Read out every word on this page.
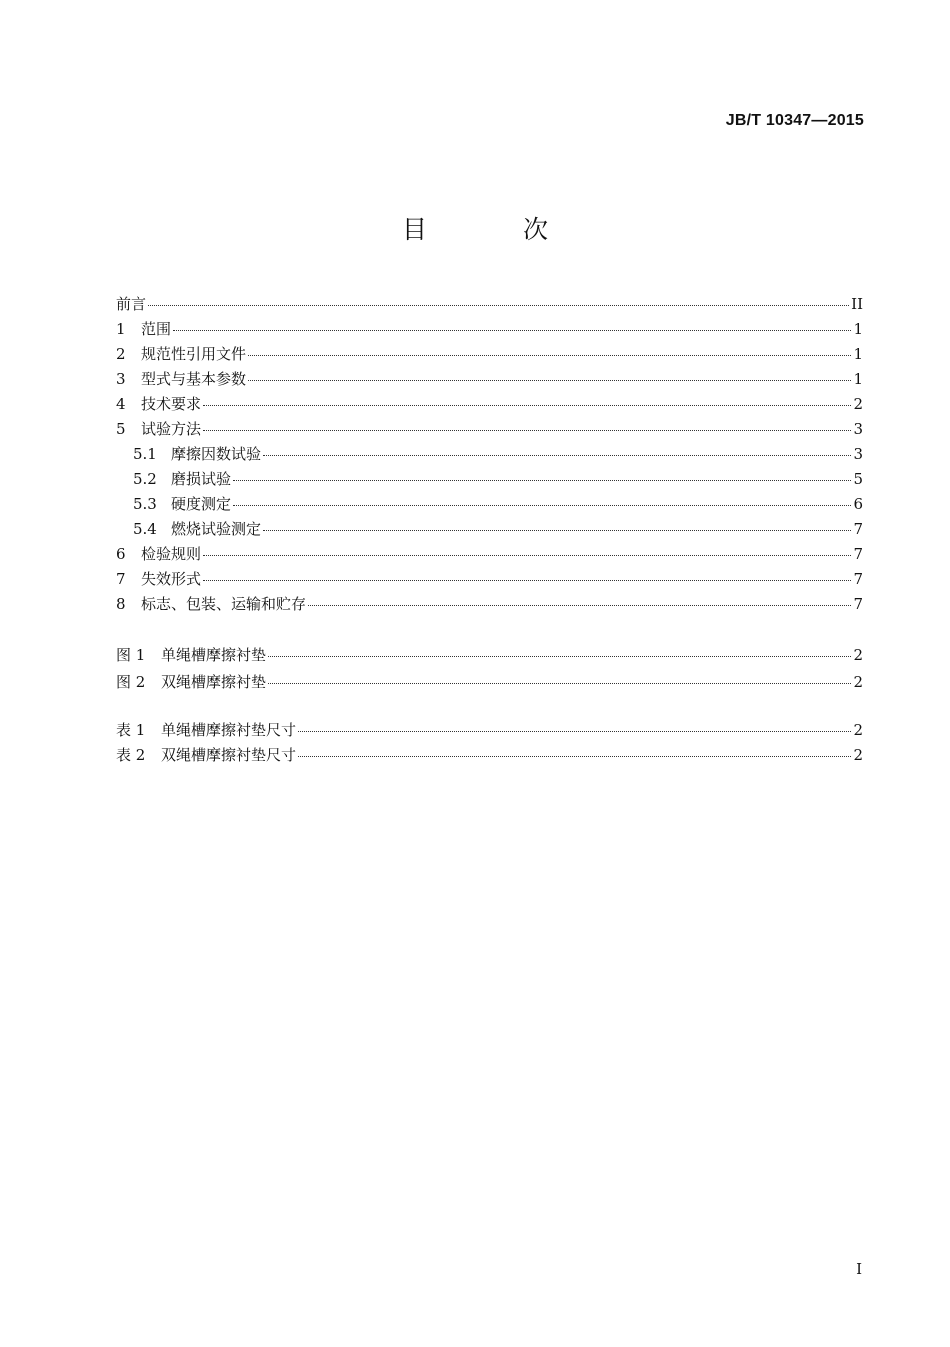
JB/T 10347—2015
目 次
前言	II
1	范围	1
2	规范性引用文件	1
3	型式与基本参数	1
4	技术要求	2
5	试验方法	3
5.1 摩擦因数试验	3
5.2 磨损试验	5
5.3 硬度测定	6
5.4 燃烧试验测定	7
6	检验规则	7
7	失效形式	7
8	标志、包装、运输和贮存	7
图 1	单绳槽摩擦衬垫	2
图 2	双绳槽摩擦衬垫	2
表 1	单绳槽摩擦衬垫尺寸	2
表 2	双绳槽摩擦衬垫尺寸	2
I
